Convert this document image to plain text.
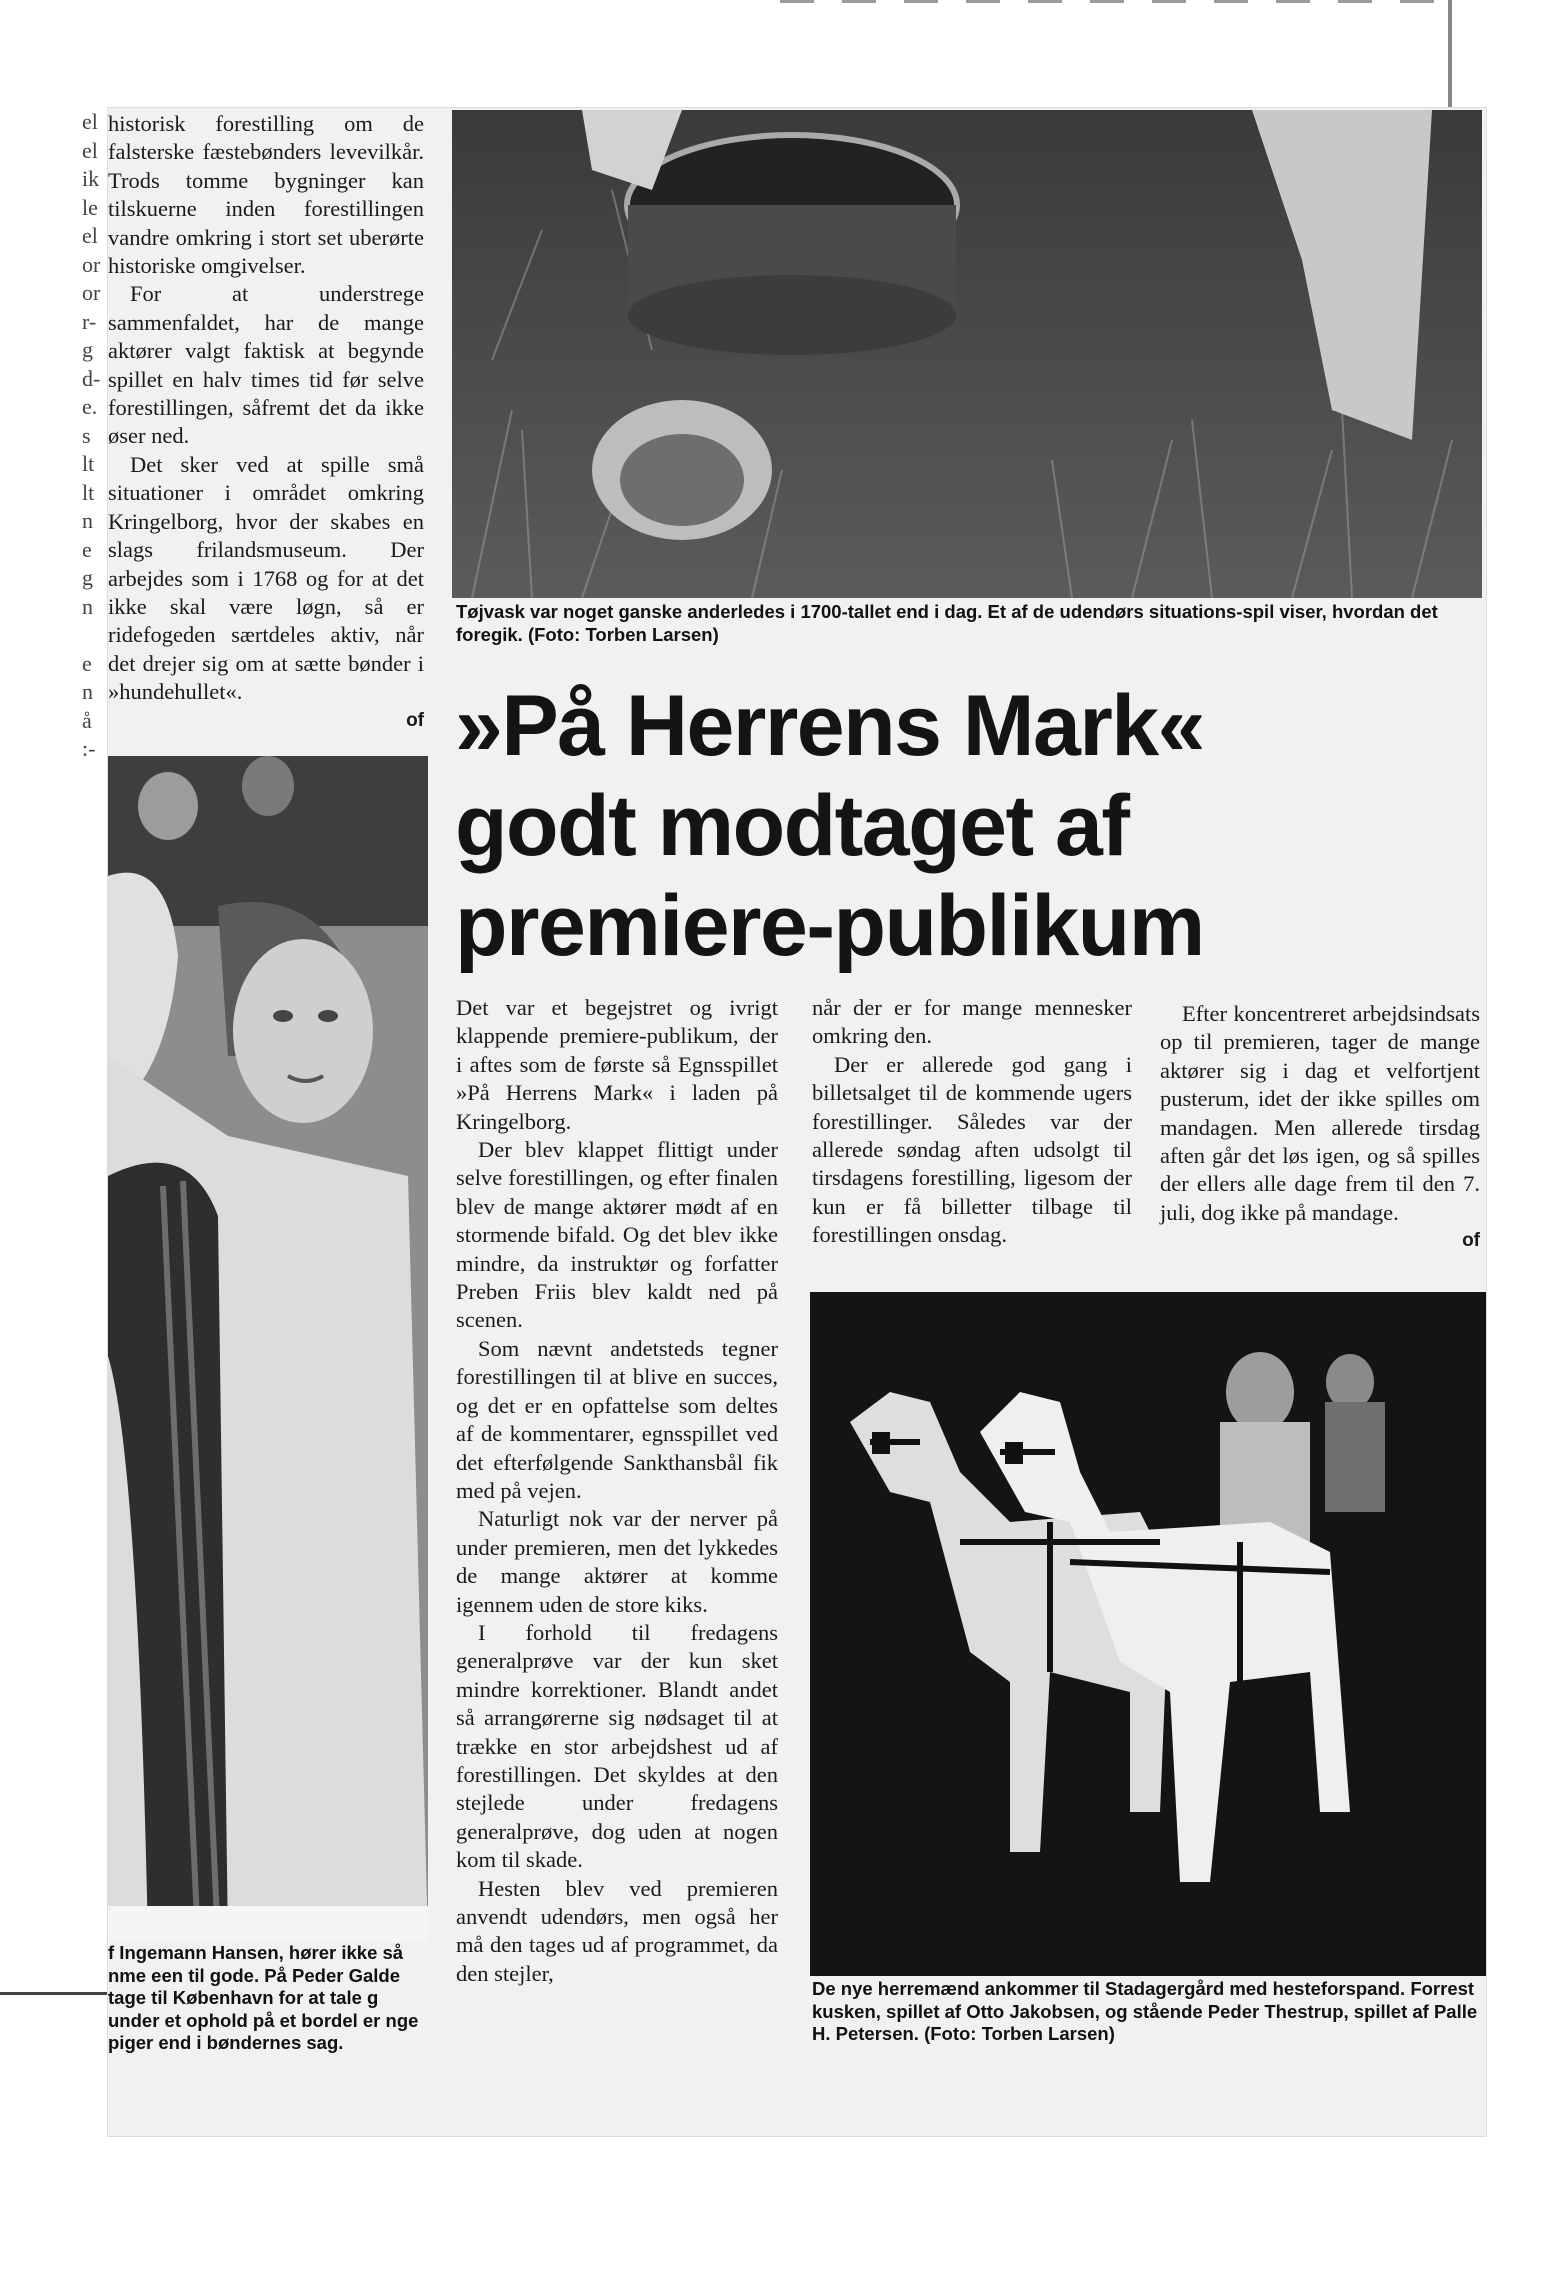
el
el
ik
le
el
or
or
r-
g
d-
e.
s
lt
lt
n
e
g
n
e
n
å
:-

historisk forestilling om de falsterske fæstebønders levevilkår. Trods tomme bygninger kan tilskuerne inden forestillingen vandre omkring i stort set uberørte historiske omgivelser.

For at understrege sammenfaldet, har de mange aktører valgt faktisk at begynde spillet en halv times tid før selve forestillingen, såfremt det da ikke øser ned.

Det sker ved at spille små situationer i området omkring Kringelborg, hvor der skabes en slags frilandsmuseum. Der arbejdes som i 1768 og for at det ikke skal være løgn, så er ridefogeden særtdeles aktiv, når det drejer sig om at sætte bønder i »hundehullet«.

of
Tøjvask var noget ganske anderledes i 1700-tallet end i dag. Et af de udendørs situations-spil viser, hvordan det foregik. (Foto: Torben Larsen)
»På Herrens Mark«
godt modtaget af
premiere-publikum
f Ingemann Hansen, hører ikke så nme een til gode. På Peder Galde tage til København for at tale g under et ophold på et bordel er nge piger end i bøndernes sag.

Det var et begejstret og ivrigt klappende premiere-publikum, der i aftes som de første så Egnsspillet »På Herrens Mark« i laden på Kringelborg.

Der blev klappet flittigt under selve forestillingen, og efter finalen blev de mange aktører mødt af en stormende bifald. Og det blev ikke mindre, da instruktør og forfatter Preben Friis blev kaldt ned på scenen.

Som nævnt andetsteds tegner forestillingen til at blive en succes, og det er en opfattelse som deltes af de kommentarer, egnsspillet ved det efterfølgende Sankthansbål fik med på vejen.

Naturligt nok var der nerver på under premieren, men det lykkedes de mange aktører at komme igennem uden de store kiks.

I forhold til fredagens generalprøve var der kun sket mindre korrektioner. Blandt andet så arrangørerne sig nødsaget til at trække en stor arbejdshest ud af forestillingen. Det skyldes at den stejlede under fredagens generalprøve, dog uden at nogen kom til skade.

Hesten blev ved premieren anvendt udendørs, men også her må den tages ud af programmet, da den stejler,

når der er for mange mennesker omkring den.

Der er allerede god gang i billetsalget til de kommende ugers forestillinger. Således var der allerede søndag aften udsolgt til tirsdagens forestilling, ligesom der kun er få billetter tilbage til forestillingen onsdag.

Efter koncentreret arbejdsindsats op til premieren, tager de mange aktører sig i dag et velfortjent pusterum, idet der ikke spilles om mandagen. Men allerede tirsdag aften går det løs igen, og så spilles der ellers alle dage frem til den 7. juli, dog ikke på mandage.

of
De nye herremænd ankommer til Stadagergård med hesteforspand. Forrest kusken, spillet af Otto Jakobsen, og stående Peder Thestrup, spillet af Palle H. Petersen. (Foto: Torben Larsen)
